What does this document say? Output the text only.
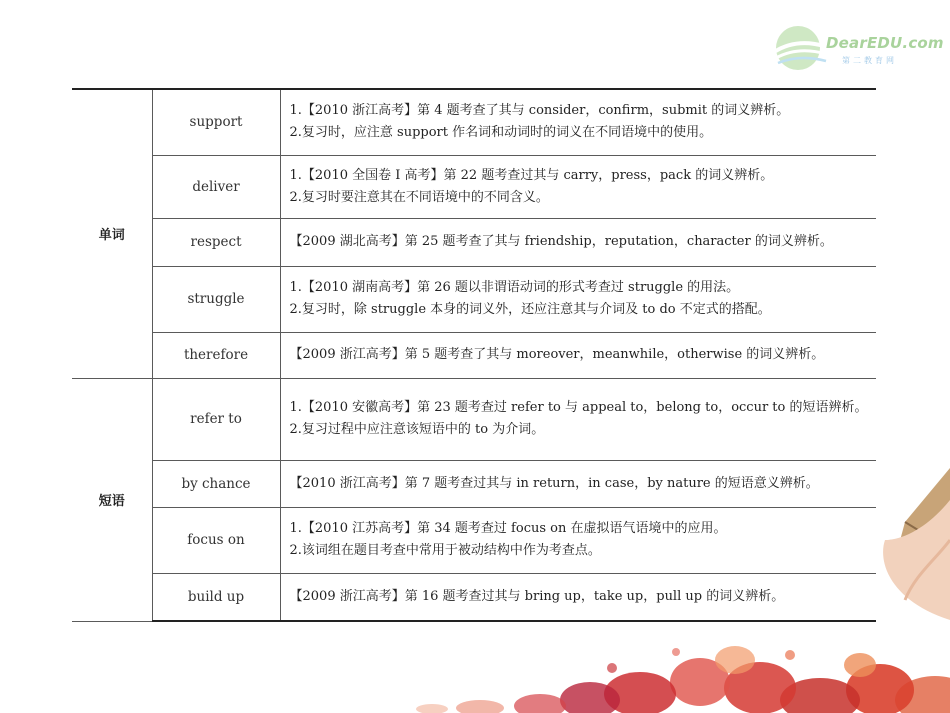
DearEDU.com
第二教育网
单词	support	1.【2010 浙江高考】第 4 题考查了其与 consider，confirm，submit 的词义辨析。
2.复习时，应注意 support 作名词和动词时的词义在不同语境中的使用。

	deliver	1.【2010 全国卷 Ⅰ 高考】第 22 题考查过其与 carry，press，pack 的词义辨析。
2.复习时要注意其在不同语境中的不同含义。

	respect	【2009 湖北高考】第 25 题考查了其与 friendship，reputation，character 的词义辨析。

	struggle	1.【2010 湖南高考】第 26 题以非谓语动词的形式考查过 struggle 的用法。
2.复习时，除 struggle 本身的词义外，还应注意其与介词及 to do 不定式的搭配。

	therefore	【2009 浙江高考】第 5 题考查了其与 moreover，meanwhile，otherwise 的词义辨析。

短语	refer to	1.【2010 安徽高考】第 23 题考查过 refer to 与 appeal to，belong to，occur to 的短语辨析。
2.复习过程中应注意该短语中的 to 为介词。

	by chance	【2010 浙江高考】第 7 题考查过其与 in return，in case，by nature 的短语意义辨析。

	focus on	1.【2010 江苏高考】第 34 题考查过 focus on 在虚拟语气语境中的应用。
2.该词组在题目考查中常用于被动结构中作为考查点。

	build up	【2009 浙江高考】第 16 题考查过其与 bring up，take up，pull up 的词义辨析。
